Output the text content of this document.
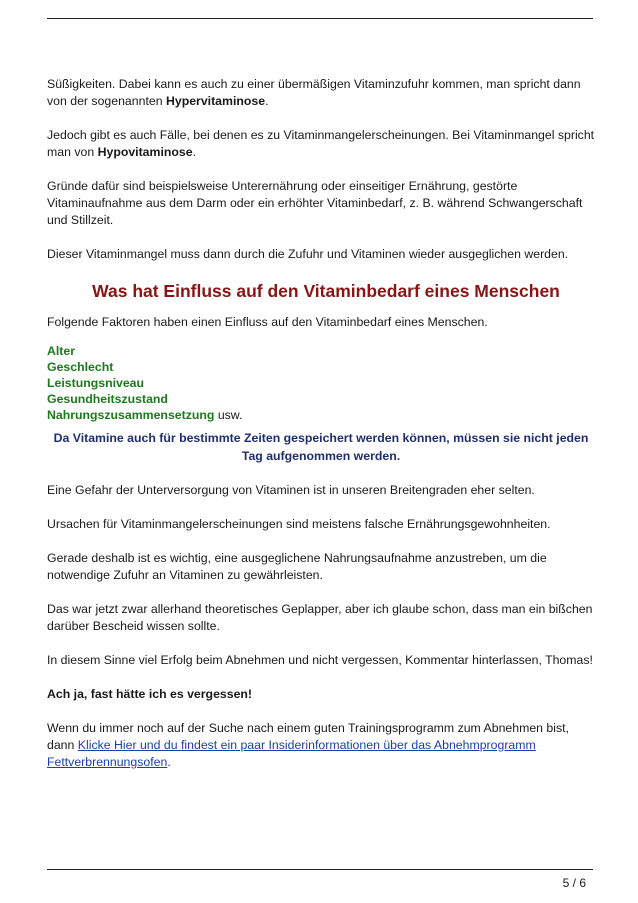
Süßigkeiten. Dabei kann es auch zu einer übermäßigen Vitaminzufuhr kommen, man spricht dann von der sogenannten Hypervitaminose.

Jedoch gibt es auch Fälle, bei denen es zu Vitaminmangelerscheinungen. Bei Vitaminmangel spricht man von Hypovitaminose.

Gründe dafür sind beispielsweise Unterernährung oder einseitiger Ernährung, gestörte Vitaminaufnahme aus dem Darm oder ein erhöhter Vitaminbedarf, z. B. während Schwangerschaft und Stillzeit.

Dieser Vitaminmangel muss dann durch die Zufuhr und Vitaminen wieder ausgeglichen werden.

Was hat Einfluss auf den Vitaminbedarf eines Menschen

Folgende Faktoren haben einen Einfluss auf den Vitaminbedarf eines Menschen.

Alter
Geschlecht
Leistungsniveau
Gesundheitszustand
Nahrungszusammensetzung usw.

Da Vitamine auch für bestimmte Zeiten gespeichert werden können, müssen sie nicht jeden Tag aufgenommen werden.

Eine Gefahr der Unterversorgung von Vitaminen ist in unseren Breitengraden eher selten.

Ursachen für Vitaminmangelerscheinungen sind meistens falsche Ernährungsgewohnheiten.

Gerade deshalb ist es wichtig, eine ausgeglichene Nahrungsaufnahme anzustreben, um die notwendige Zufuhr an Vitaminen zu gewährleisten.

Das war jetzt zwar allerhand theoretisches Geplapper, aber ich glaube schon, dass man ein bißchen darüber Bescheid wissen sollte.

In diesem Sinne viel Erfolg beim Abnehmen und nicht vergessen, Kommentar hinterlassen, Thomas!

Ach ja, fast hätte ich es vergessen!

Wenn du immer noch auf der Suche nach einem guten Trainingsprogramm zum Abnehmen bist, dann Klicke Hier und du findest ein paar Insiderinformationen über das Abnehmprogramm Fettverbrennungsofen.

5 / 6
